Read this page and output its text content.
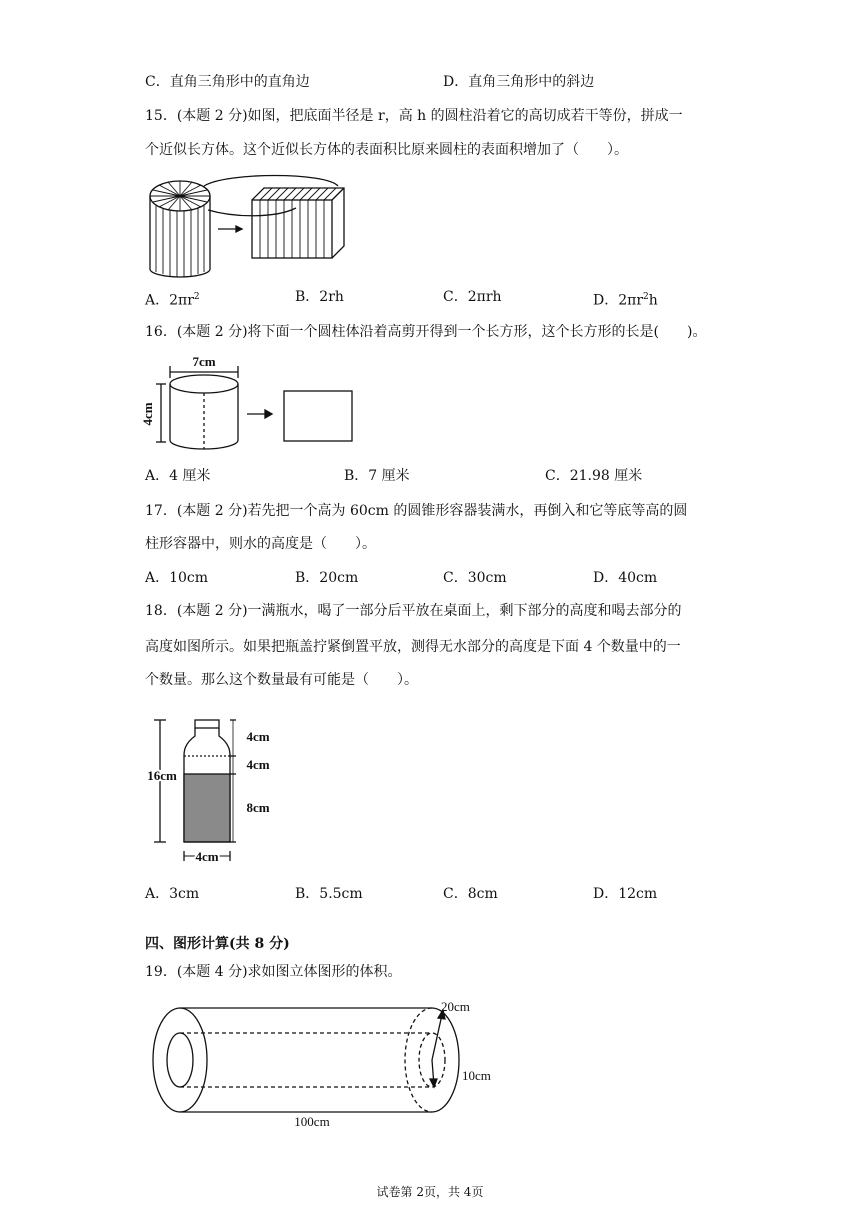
C．直角三角形中的直角边	D．直角三角形中的斜边
15．(本题 2 分)如图，把底面半径是 r，高 h 的圆柱沿着它的高切成若干等份，拼成一
个近似长方体。这个近似长方体的表面积比原来圆柱的表面积增加了（　　）。
A．$2\pi r^2$	B．2rh	C．2πrh	D．$2\pi r^2h$
16．(本题 2 分)将下面一个圆柱体沿着高剪开得到一个长方形，这个长方形的长是(　　)。
7cm
4cm
A．4 厘米	B．7 厘米	C．21.98 厘米
17．(本题 2 分)若先把一个高为 60cm 的圆锥形容器装满水，再倒入和它等底等高的圆
柱形容器中，则水的高度是（　　）。
A．10cm	B．20cm	C．30cm	D．40cm
18．(本题 2 分)一满瓶水，喝了一部分后平放在桌面上，剩下部分的高度和喝去部分的
高度如图所示。如果把瓶盖拧紧倒置平放，测得无水部分的高度是下面 4 个数量中的一
个数量。那么这个数量最有可能是（　　）。
16cm
4cm
4cm
8cm
4cm
A．3cm	B．5.5cm	C．8cm	D．12cm
四、图形计算(共 8 分)
19．(本题 4 分)求如图立体图形的体积。
20cm
10cm
100cm
试卷第 2页，共 4页
